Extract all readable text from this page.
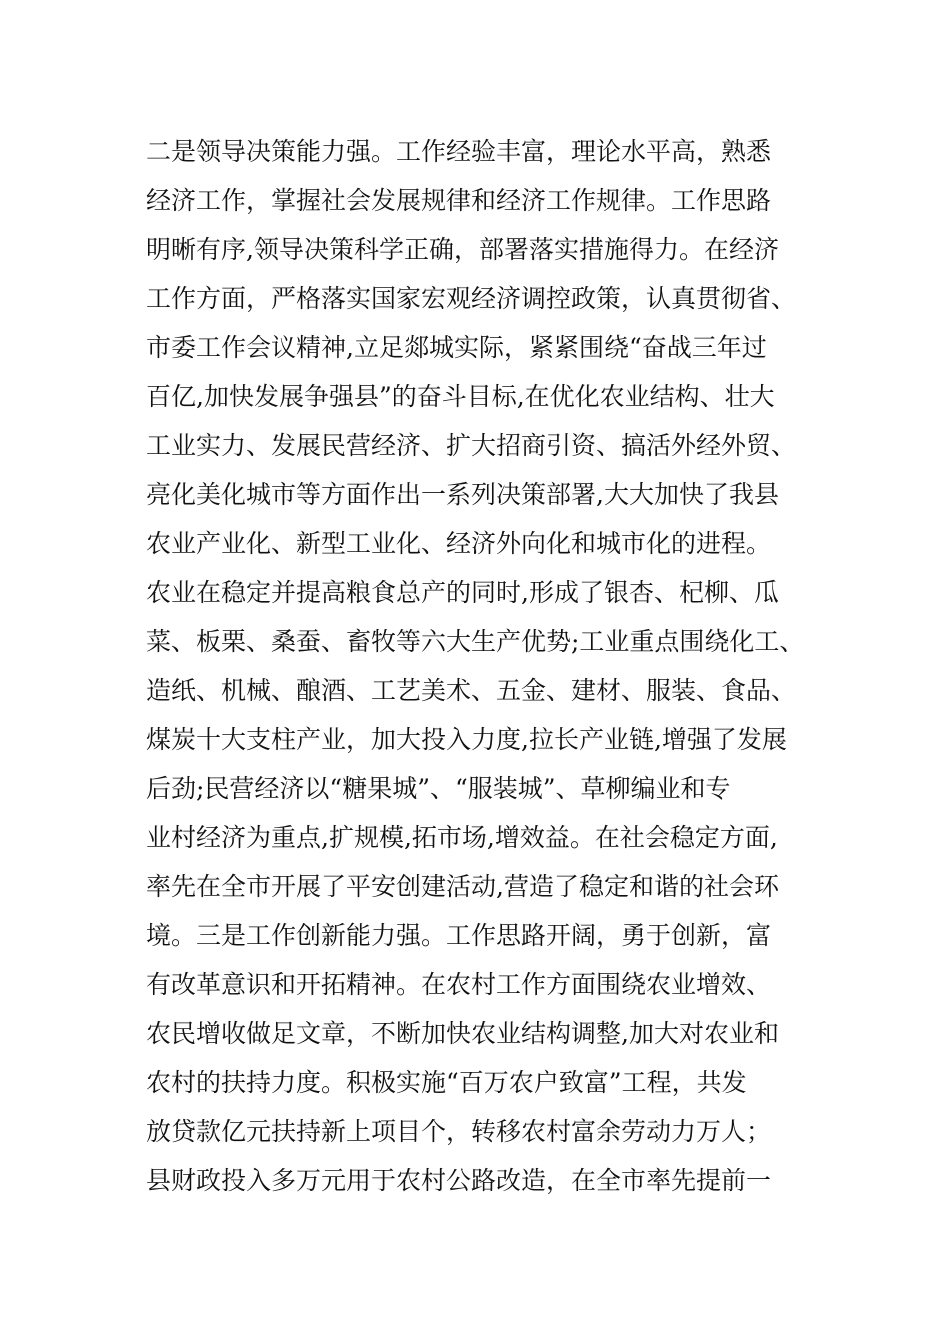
二是领导决策能力强。工作经验丰富，理论水平高，熟悉
经济工作，掌握社会发展规律和经济工作规律。工作思路
明晰有序,领导决策科学正确，部署落实措施得力。在经济
工作方面，严格落实国家宏观经济调控政策，认真贯彻省、
市委工作会议精神,立足郯城实际，紧紧围绕“奋战三年过
百亿,加快发展争强县”的奋斗目标,在优化农业结构、壮大
工业实力、发展民营经济、扩大招商引资、搞活外经外贸、
亮化美化城市等方面作出一系列决策部署,大大加快了我县
农业产业化、新型工业化、经济外向化和城市化的进程。
农业在稳定并提高粮食总产的同时,形成了银杏、杞柳、瓜
菜、板栗、桑蚕、畜牧等六大生产优势;工业重点围绕化工、
造纸、机械、酿酒、工艺美术、五金、建材、服装、食品、
煤炭十大支柱产业，加大投入力度,拉长产业链,增强了发展
后劲;民营经济以“糖果城”、“服装城”、草柳编业和专
业村经济为重点,扩规模,拓市场,增效益。在社会稳定方面,
率先在全市开展了平安创建活动,营造了稳定和谐的社会环
境。三是工作创新能力强。工作思路开阔，勇于创新，富
有改革意识和开拓精神。在农村工作方面围绕农业增效、
农民增收做足文章，不断加快农业结构调整,加大对农业和
农村的扶持力度。积极实施“百万农户致富”工程，共发
放贷款亿元扶持新上项目个，转移农村富余劳动力万人；
县财政投入多万元用于农村公路改造，在全市率先提前一
